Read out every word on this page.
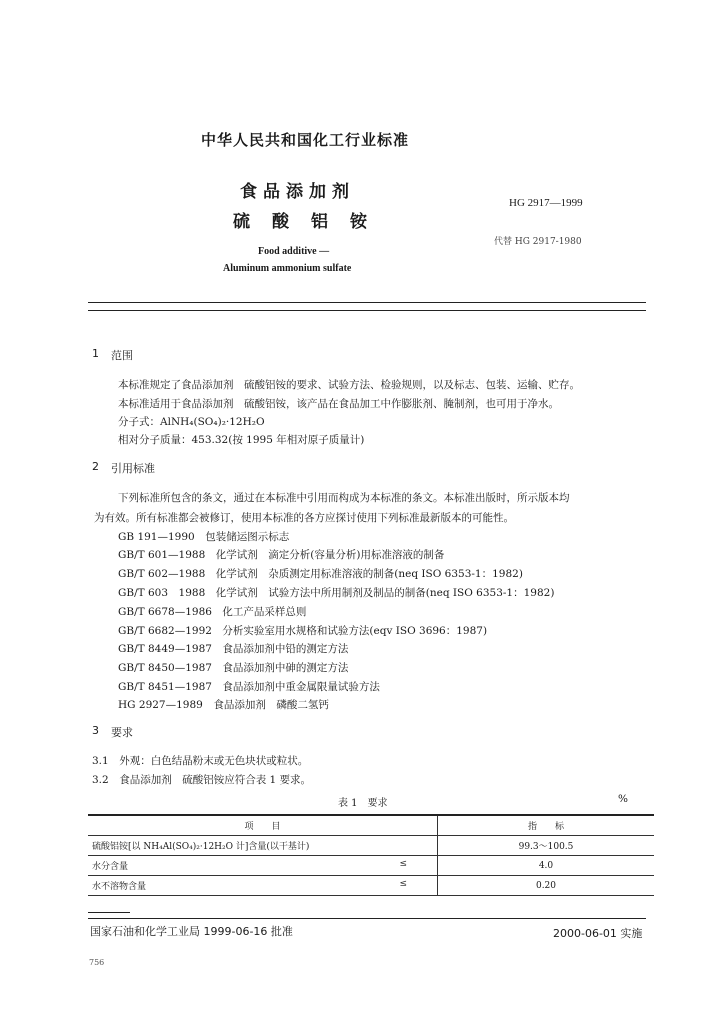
中华人民共和国化工行业标准
食品添加剂
硫酸铝铵
HG 2917—1999
代替 HG 2917-1980
Food additive —
Aluminum ammonium sulfate
1 范围
本标准规定了食品添加剂　硫酸铝铵的要求、试验方法、检验规则，以及标志、包装、运输、贮存。
本标准适用于食品添加剂　硫酸铝铵，该产品在食品加工中作膨胀剂、腌制剂，也可用于净水。
分子式：AlNH₄(SO₄)₂·12H₂O
相对分子质量：453.32(按 1995 年相对原子质量计)
2 引用标准
下列标准所包含的条文，通过在本标准中引用而构成为本标准的条文。本标准出版时，所示版本均
为有效。所有标准都会被修订，使用本标准的各方应探讨使用下列标准最新版本的可能性。
GB 191—1990　包装储运图示标志
GB/T 601—1988　化学试剂　滴定分析(容量分析)用标准溶液的制备
GB/T 602—1988　化学试剂　杂质测定用标准溶液的制备(neq ISO 6353-1：1982)
GB/T 603　1988　化学试剂　试验方法中所用制剂及制品的制备(neq ISO 6353-1：1982)
GB/T 6678—1986　化工产品采样总则
GB/T 6682—1992　分析实验室用水规格和试验方法(eqv ISO 3696：1987)
GB/T 8449—1987　食品添加剂中铅的测定方法
GB/T 8450—1987　食品添加剂中砷的测定方法
GB/T 8451—1987　食品添加剂中重金属限量试验方法
HG 2927—1989　食品添加剂　磷酸二氢钙
3 要求
3.1　外观：白色结晶粉末或无色块状或粒状。
3.2　食品添加剂　硫酸铝铵应符合表 1 要求。
表 1　要求	%
项　　目	指　　标
硫酸铝铵[以 NH₄Al(SO₄)₂·12H₂O 计]含量(以干基计)	99.3～100.5
水分含量 ≤	4.0
水不溶物含量 ≤	0.20
国家石油和化学工业局 1999-06-16 批准	2000-06-01 实施
756
